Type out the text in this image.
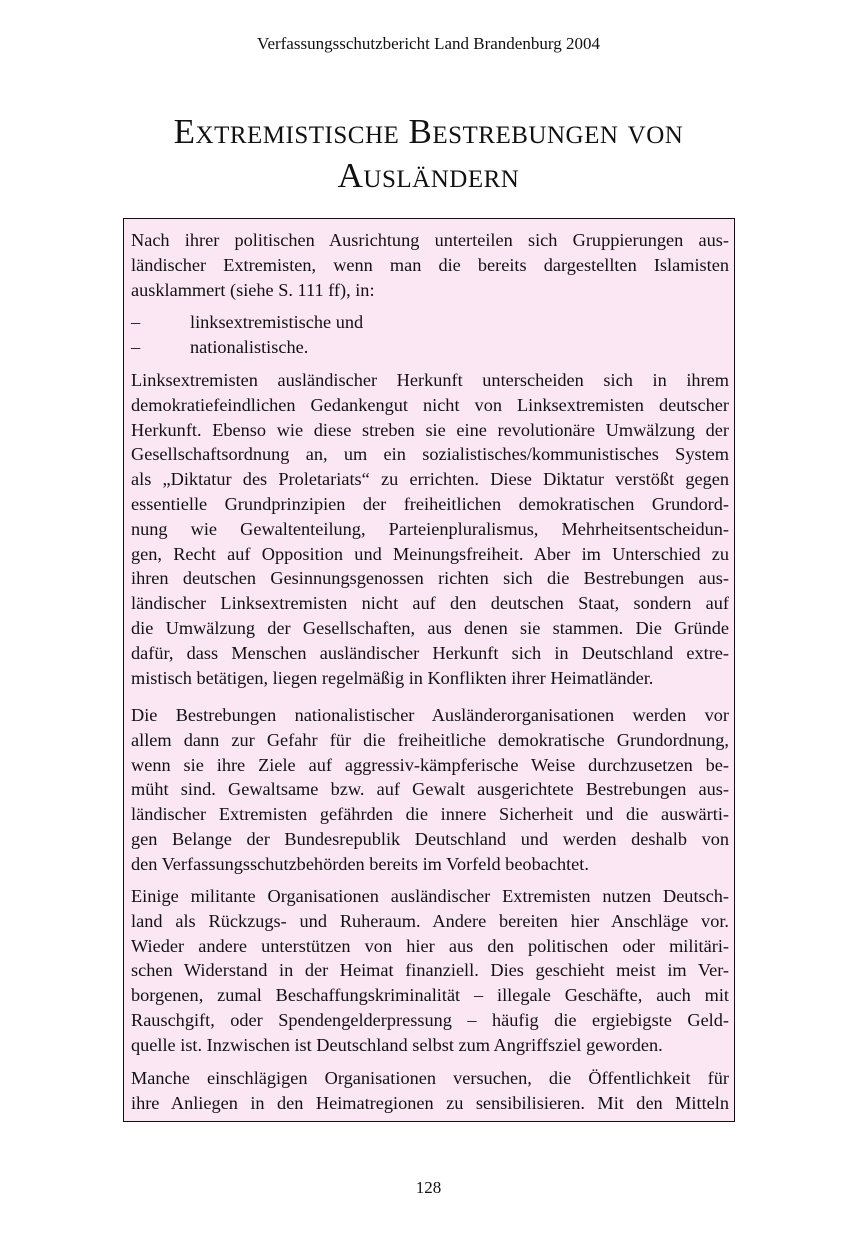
Verfassungsschutzbericht Land Brandenburg 2004
Extremistische Bestrebungen von
Ausländern
Nach ihrer politischen Ausrichtung unterteilen sich Gruppierungen aus-
ländischer Extremisten, wenn man die bereits dargestellten Islamisten
ausklammert (siehe S. 111 ff), in:
–	linksextremistische und
–	nationalistische.
Linksextremisten ausländischer Herkunft unterscheiden sich in ihrem
demokratiefeindlichen Gedankengut nicht von Linksextremisten deutscher
Herkunft. Ebenso wie diese streben sie eine revolutionäre Umwälzung der
Gesellschaftsordnung an, um ein sozialistisches/kommunistisches System
als „Diktatur des Proletariats“ zu errichten. Diese Diktatur verstößt gegen
essentielle Grundprinzipien der freiheitlichen demokratischen Grundord-
nung wie Gewaltenteilung, Parteienpluralismus, Mehrheitsentscheidun-
gen, Recht auf Opposition und Meinungsfreiheit. Aber im Unterschied zu
ihren deutschen Gesinnungsgenossen richten sich die Bestrebungen aus-
ländischer Linksextremisten nicht auf den deutschen Staat, sondern auf
die Umwälzung der Gesellschaften, aus denen sie stammen. Die Gründe
dafür, dass Menschen ausländischer Herkunft sich in Deutschland extre-
mistisch betätigen, liegen regelmäßig in Konflikten ihrer Heimatländer.
Die Bestrebungen nationalistischer Ausländerorganisationen werden vor
allem dann zur Gefahr für die freiheitliche demokratische Grundordnung,
wenn sie ihre Ziele auf aggressiv-kämpferische Weise durchzusetzen be-
müht sind. Gewaltsame bzw. auf Gewalt ausgerichtete Bestrebungen aus-
ländischer Extremisten gefährden die innere Sicherheit und die auswärti-
gen Belange der Bundesrepublik Deutschland und werden deshalb von
den Verfassungsschutzbehörden bereits im Vorfeld beobachtet.
Einige militante Organisationen ausländischer Extremisten nutzen Deutsch-
land als Rückzugs- und Ruheraum. Andere bereiten hier Anschläge vor.
Wieder andere unterstützen von hier aus den politischen oder militäri-
schen Widerstand in der Heimat finanziell. Dies geschieht meist im Ver-
borgenen, zumal Beschaffungskriminalität – illegale Geschäfte, auch mit
Rauschgift, oder Spendengelderpressung – häufig die ergiebigste Geld-
quelle ist. Inzwischen ist Deutschland selbst zum Angriffsziel geworden.
Manche einschlägigen Organisationen versuchen, die Öffentlichkeit für
ihre Anliegen in den Heimatregionen zu sensibilisieren. Mit den Mitteln
128
